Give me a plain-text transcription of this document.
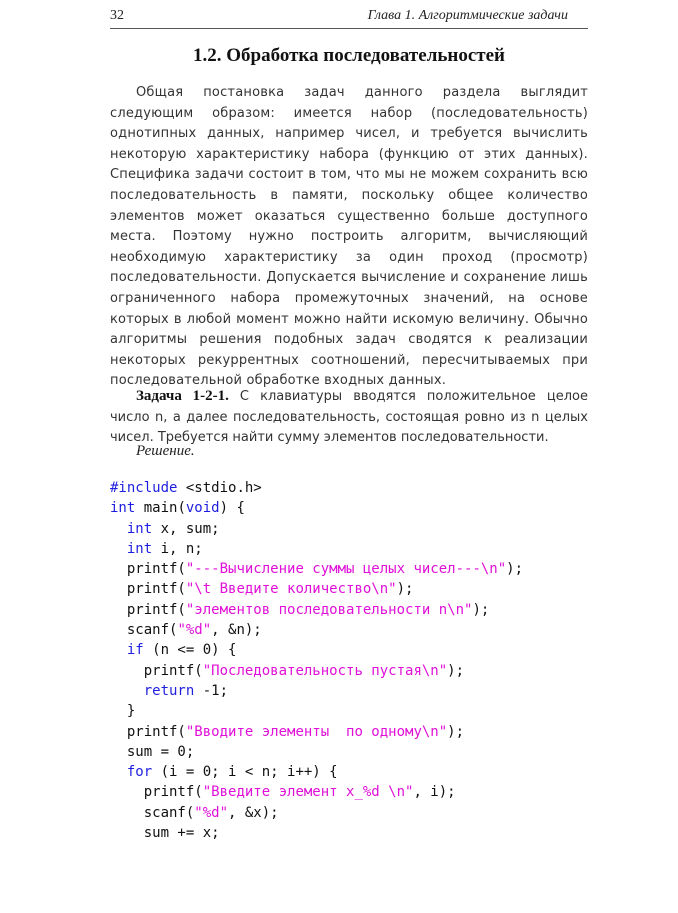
32	Глава 1. Алгоритмические задачи
1.2. Обработка последовательностей

Общая постановка задач данного раздела выглядит следующим образом: имеется набор (последовательность) однотипных данных, например чисел, и требуется вычислить некоторую характеристику набора (функцию от этих данных). Специфика задачи состоит в том, что мы не можем сохранить всю последовательность в памяти, поскольку общее количество элементов может оказаться существенно больше доступного места. Поэтому нужно построить алгоритм, вычисляющий необходимую характеристику за один проход (просмотр) последовательности. Допускается вычисление и сохранение лишь ограниченного набора промежуточных значений, на основе которых в любой момент можно найти искомую величину. Обычно алгоритмы решения подобных задач сводятся к реализации некоторых рекуррентных соотношений, пересчитываемых при последовательной обработке входных данных.

Задача 1-2-1. С клавиатуры вводятся положительное целое число n, а далее последовательность, состоящая ровно из n целых чисел. Требуется найти сумму элементов последовательности.

Решение.
#include <stdio.h>
int main(void) {
int x, sum;
int i, n;
printf("---Вычисление суммы целых чисел---\n");
printf("\t Введите количество\n");
printf("элементов последовательности n\n");
scanf("%d", &n);
if (n <= 0) {
printf("Последовательность пустая\n");
return -1;
}
printf("Вводите элементы  по одному\n");
sum = 0;
for (i = 0; i < n; i++) {
printf("Введите элемент x_%d \n", i);
scanf("%d", &x);
sum += x;
